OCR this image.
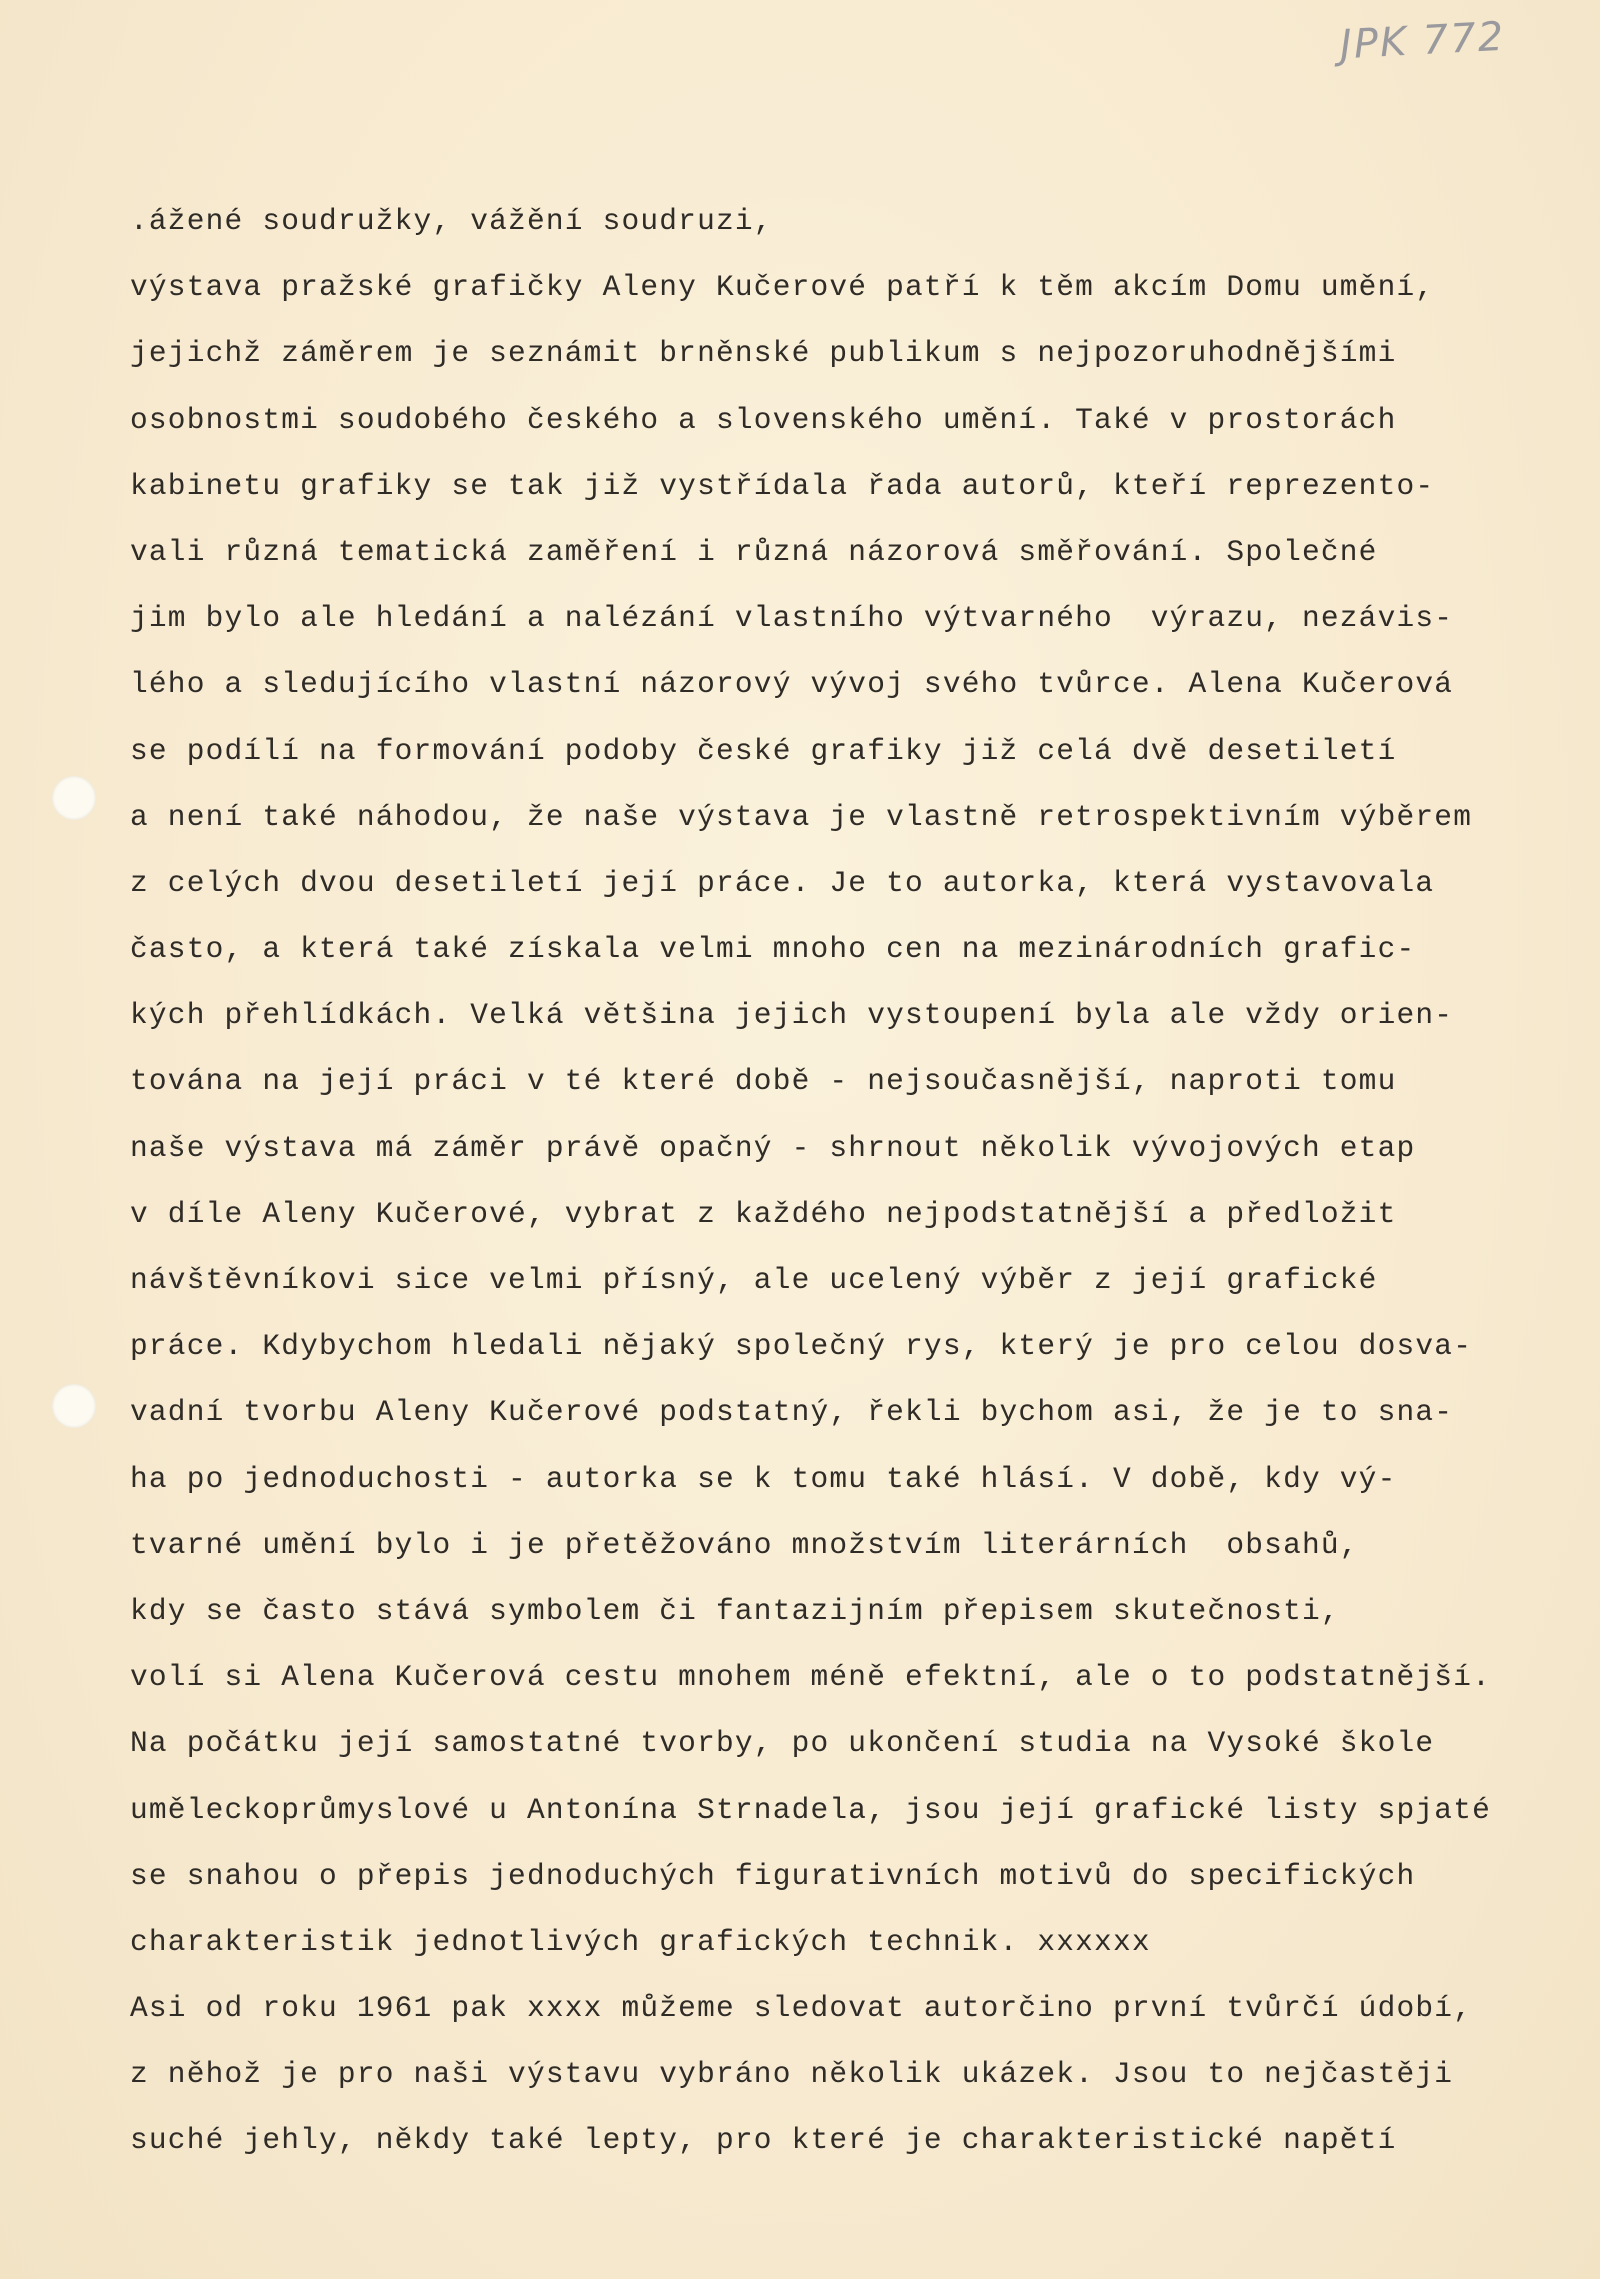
JPK 772
.ážené soudružky, vážění soudruzi,
výstava pražské grafičky Aleny Kučerové patří k těm akcím Domu umění,
jejichž záměrem je seznámit brněnské publikum s nejpozoruhodnějšími
osobnostmi soudobého českého a slovenského umění. Také v prostorách
kabinetu grafiky se tak již vystřídala řada autorů, kteří reprezento-
vali různá tematická zaměření i různá názorová směřování. Společné
jim bylo ale hledání a nalézání vlastního výtvarného  výrazu, nezávis-
lého a sledujícího vlastní názorový vývoj svého tvůrce. Alena Kučerová
se podílí na formování podoby české grafiky již celá dvě desetiletí
a není také náhodou, že naše výstava je vlastně retrospektivním výběrem
z celých dvou desetiletí její práce. Je to autorka, která vystavovala
často, a která také získala velmi mnoho cen na mezinárodních grafic-
kých přehlídkách. Velká většina jejich vystoupení byla ale vždy orien-
tována na její práci v té které době - nejsoučasnější, naproti tomu
naše výstava má záměr právě opačný - shrnout několik vývojových etap
v díle Aleny Kučerové, vybrat z každého nejpodstatnější a předložit
návštěvníkovi sice velmi přísný, ale ucelený výběr z její grafické
práce. Kdybychom hledali nějaký společný rys, který je pro celou dosva-
vadní tvorbu Aleny Kučerové podstatný, řekli bychom asi, že je to sna-
ha po jednoduchosti - autorka se k tomu také hlásí. V době, kdy vý-
tvarné umění bylo i je přetěžováno množstvím literárních  obsahů,
kdy se často stává symbolem či fantazijním přepisem skutečnosti,
volí si Alena Kučerová cestu mnohem méně efektní, ale o to podstatnější.
Na počátku její samostatné tvorby, po ukončení studia na Vysoké škole
uměleckoprůmyslové u Antonína Strnadela, jsou její grafické listy spjaté
se snahou o přepis jednoduchých figurativních motivů do specifických
charakteristik jednotlivých grafických technik. xxxxxx
Asi od roku 1961 pak xxxx můžeme sledovat autorčino první tvůrčí údobí,
z něhož je pro naši výstavu vybráno několik ukázek. Jsou to nejčastěji
suché jehly, někdy také lepty, pro které je charakteristické napětí
